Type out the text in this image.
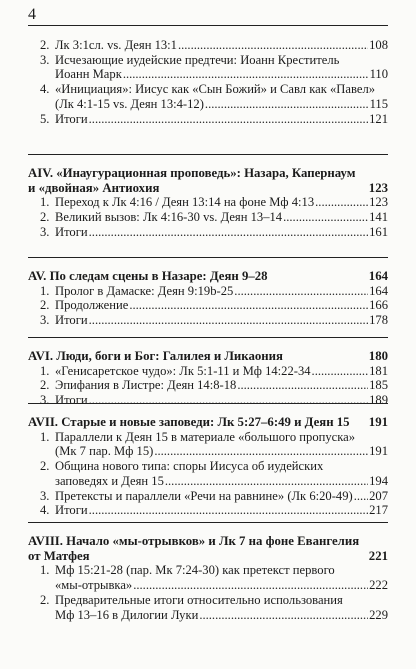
4
2. Лк 3:1сл. vs. Деян 13:1 .....	108
3. Исчезающие иудейские предтечи: Иоанн Креститель
Иоанн Марк .....	110
4. «Инициация»: Иисус как «Сын Божий» и Савл как «Павел»
(Лк 4:1-15 vs. Деян 13:4-12) .....	115
5. Итоги .....	121
AIV. «Инаугурационная проповедь»: Назара, Капернаум
и «двойная» Антиохия	123
1. Переход к Лк 4:16 / Деян 13:14 на фоне Мф 4:13 .....	123
2. Великий вызов: Лк 4:16-30 vs. Деян 13–14 .....	141
3. Итоги .....	161
AV. По следам сцены в Назаре: Деян 9–28	164
1. Пролог в Дамаске: Деян 9:19b-25 .....	164
2. Продолжение .....	166
3. Итоги .....	178
AVI. Люди, боги и Бог: Галилея и Ликаония	180
1. «Генисаретское чудо»: Лк 5:1-11 и Мф 14:22-34 .....	181
2. Эпифания в Листре: Деян 14:8-18 .....	185
3. Итоги .....	189
AVII. Старые и новые заповеди: Лк 5:27–6:49 и Деян 15 191
1. Параллели к Деян 15 в материале «большого пропуска»
(Мк 7 пар. Мф 15) .....	191
2. Община нового типа: споры Иисуса об иудейских
заповедях и Деян 15 .....	194
3. Претексты и параллели «Речи на равнине» (Лк 6:20-49) ..... 207
4. Итоги .....	217
AVIII. Начало «мы-отрывков» и Лк 7 на фоне Евангелия
от Матфея	221
1. Мф 15:21-28 (пар. Мк 7:24-30) как претекст первого
«мы-отрывка» .....	222
2. Предварительные итоги относительно использования
Мф 13–16 в Дилогии Луки .....	229
